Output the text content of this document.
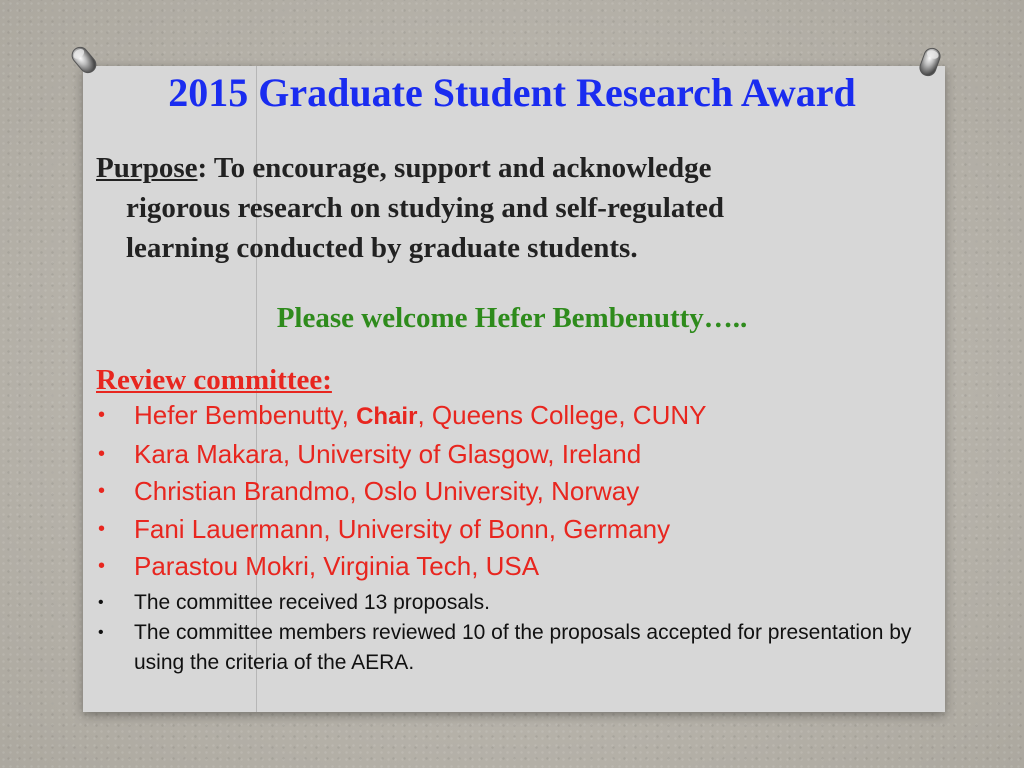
2015 Graduate Student Research Award
Purpose: To encourage, support and acknowledge
rigorous research on studying and self-regulated
learning conducted by graduate students.
Please welcome Hefer Bembenutty…..
Review committee:
• Hefer Bembenutty, Chair, Queens College, CUNY
• Kara Makara, University of Glasgow, Ireland
• Christian Brandmo, Oslo University, Norway
• Fani Lauermann, University of Bonn, Germany
• Parastou Mokri, Virginia Tech, USA
• The committee received 13 proposals.
• The committee members reviewed 10 of the proposals accepted for presentation by using the criteria of the AERA.
